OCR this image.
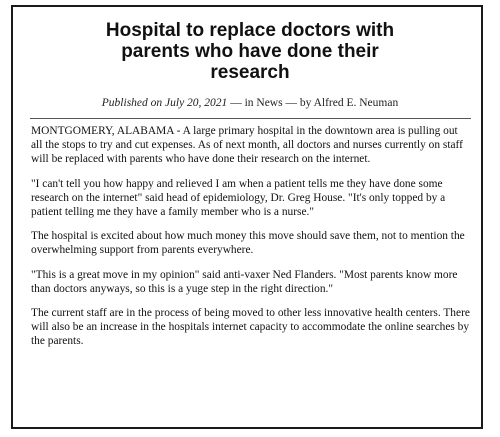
Hospital to replace doctors with
parents who have done their
research
Published on July 20, 2021 — in News — by Alfred E. Neuman

MONTGOMERY, ALABAMA - A large primary hospital in the downtown area is pulling out all the stops to try and cut expenses. As of next month, all doctors and nurses currently on staff will be replaced with parents who have done their research on the internet.

"I can't tell you how happy and relieved I am when a patient tells me they have done some research on the internet" said head of epidemiology, Dr. Greg House. "It's only topped by a patient telling me they have a family member who is a nurse."

The hospital is excited about how much money this move should save them, not to mention the overwhelming support from parents everywhere.

"This is a great move in my opinion" said anti-vaxer Ned Flanders. "Most parents know more than doctors anyways, so this is a yuge step in the right direction."

The current staff are in the process of being moved to other less innovative health centers. There will also be an increase in the hospitals internet capacity to accommodate the online searches by the parents.
